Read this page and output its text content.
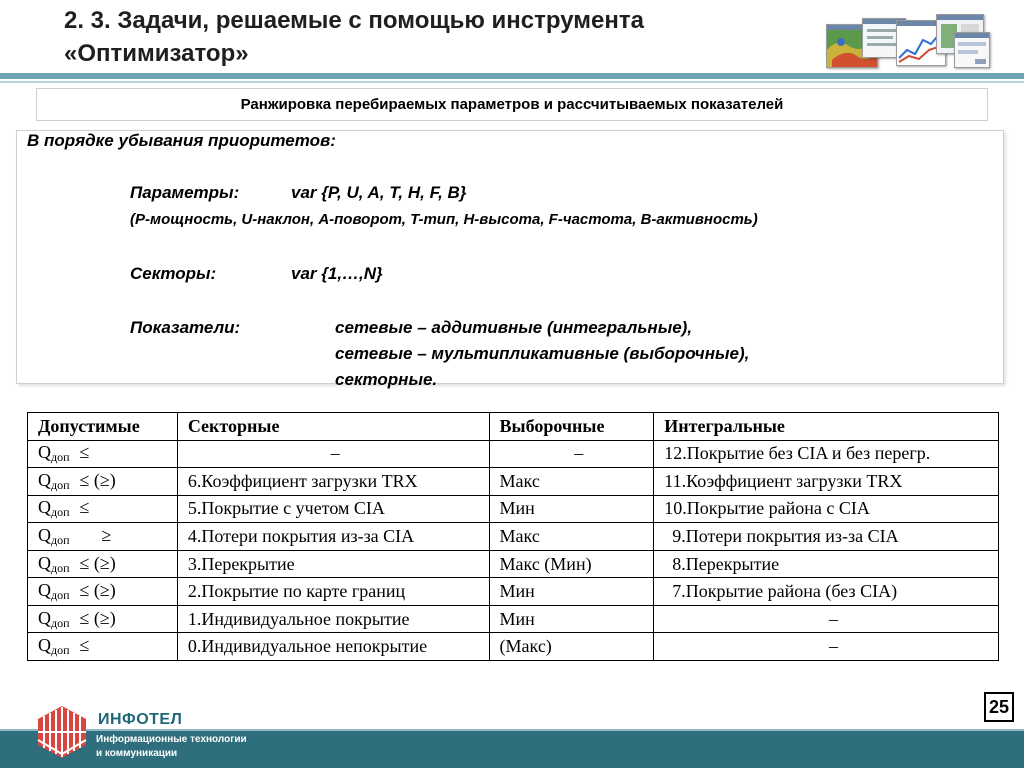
2. 3. Задачи, решаемые с помощью инструмента
«Оптимизатор»
Ранжировка перебираемых параметров и рассчитываемых показателей
В порядке убывания приоритетов:
Параметры:	var {P, U, A, T, H, F, B}
(P-мощность, U-наклон, A-поворот, T-тип, H-высота, F-частота, B-активность)
Секторы:	var {1,…,N}
Показатели:	сетевые – аддитивные (интегральные),
сетевые – мультипликативные (выборочные),
секторные.
Допустимые	Секторные	Выборочные	Интегральные
Qдоп ≤	–	–	12.Покрытие без CIA и без перегр.
Qдоп ≤ (≥)	6.Коэффициент загрузки TRX	Макс	11.Коэффициент загрузки TRX
Qдоп ≤	5.Покрытие с учетом CIA	Мин	10.Покрытие района с CIA
Qдоп ≥	4.Потери покрытия из-за CIA	Макс	9.Потери покрытия из-за CIA
Qдоп ≤ (≥)	3.Перекрытие	Макс (Мин)	8.Перекрытие
Qдоп ≤ (≥)	2.Покрытие по карте границ	Мин	7.Покрытие района (без CIA)
Qдоп ≤ (≥)	1.Индивидуальное покрытие	Мин	–
Qдоп ≤	0.Индивидуальное непокрытие	(Макс)	–
25
ИНФОТЕЛ
Информационные технологии
и коммуникации
